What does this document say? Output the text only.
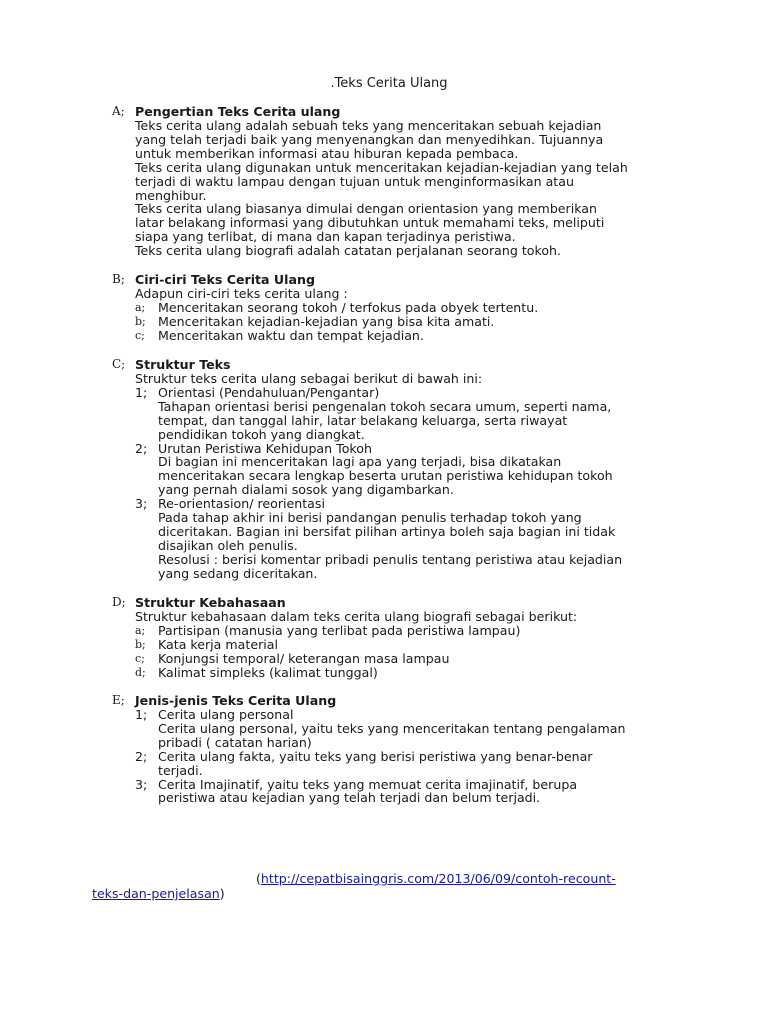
.Teks Cerita Ulang
A; Pengertian Teks Cerita ulang
Teks cerita ulang adalah sebuah teks yang menceritakan sebuah kejadian
yang telah terjadi baik yang menyenangkan dan menyedihkan. Tujuannya
untuk memberikan informasi atau hiburan kepada pembaca.
Teks cerita ulang digunakan untuk menceritakan kejadian-kejadian yang telah
terjadi di waktu lampau dengan tujuan untuk menginformasikan atau
menghibur.
Teks cerita ulang biasanya dimulai dengan orientasion yang memberikan
latar belakang informasi yang dibutuhkan untuk memahami teks, meliputi
siapa yang terlibat, di mana dan kapan terjadinya peristiwa.
Teks cerita ulang biografi adalah catatan perjalanan seorang tokoh.
B; Ciri-ciri Teks Cerita Ulang
Adapun ciri-ciri teks cerita ulang :
a; Menceritakan seorang tokoh / terfokus pada obyek tertentu.
b; Menceritakan kejadian-kejadian yang bisa kita amati.
c; Menceritakan waktu dan tempat kejadian.
C; Struktur Teks
Struktur teks cerita ulang sebagai berikut di bawah ini:
1; Orientasi (Pendahuluan/Pengantar)
Tahapan orientasi berisi pengenalan tokoh secara umum, seperti nama,
tempat, dan tanggal lahir, latar belakang keluarga, serta riwayat
pendidikan tokoh yang diangkat.
2; Urutan Peristiwa Kehidupan Tokoh
Di bagian ini menceritakan lagi apa yang terjadi, bisa dikatakan
menceritakan secara lengkap beserta urutan peristiwa kehidupan tokoh
yang pernah dialami sosok yang digambarkan.
3; Re-orientasion/ reorientasi
Pada tahap akhir ini berisi pandangan penulis terhadap tokoh yang
diceritakan. Bagian ini bersifat pilihan artinya boleh saja bagian ini tidak
disajikan oleh penulis.
Resolusi : berisi komentar pribadi penulis tentang peristiwa atau kejadian
yang sedang diceritakan.
D; Struktur Kebahasaan
Struktur kebahasaan dalam teks cerita ulang biografi sebagai berikut:
a; Partisipan (manusia yang terlibat pada peristiwa lampau)
b; Kata kerja material
c; Konjungsi temporal/ keterangan masa lampau
d; Kalimat simpleks (kalimat tunggal)
E; Jenis-jenis Teks Cerita Ulang
1; Cerita ulang personal
Cerita ulang personal, yaitu teks yang menceritakan tentang pengalaman
pribadi ( catatan harian)
2; Cerita ulang fakta, yaitu teks yang berisi peristiwa yang benar-benar
terjadi.
3; Cerita Imajinatif, yaitu teks yang memuat cerita imajinatif, berupa
peristiwa atau kejadian yang telah terjadi dan belum terjadi.
(http://cepatbisainggris.com/2013/06/09/contoh-recount-
teks-dan-penjelasan)
